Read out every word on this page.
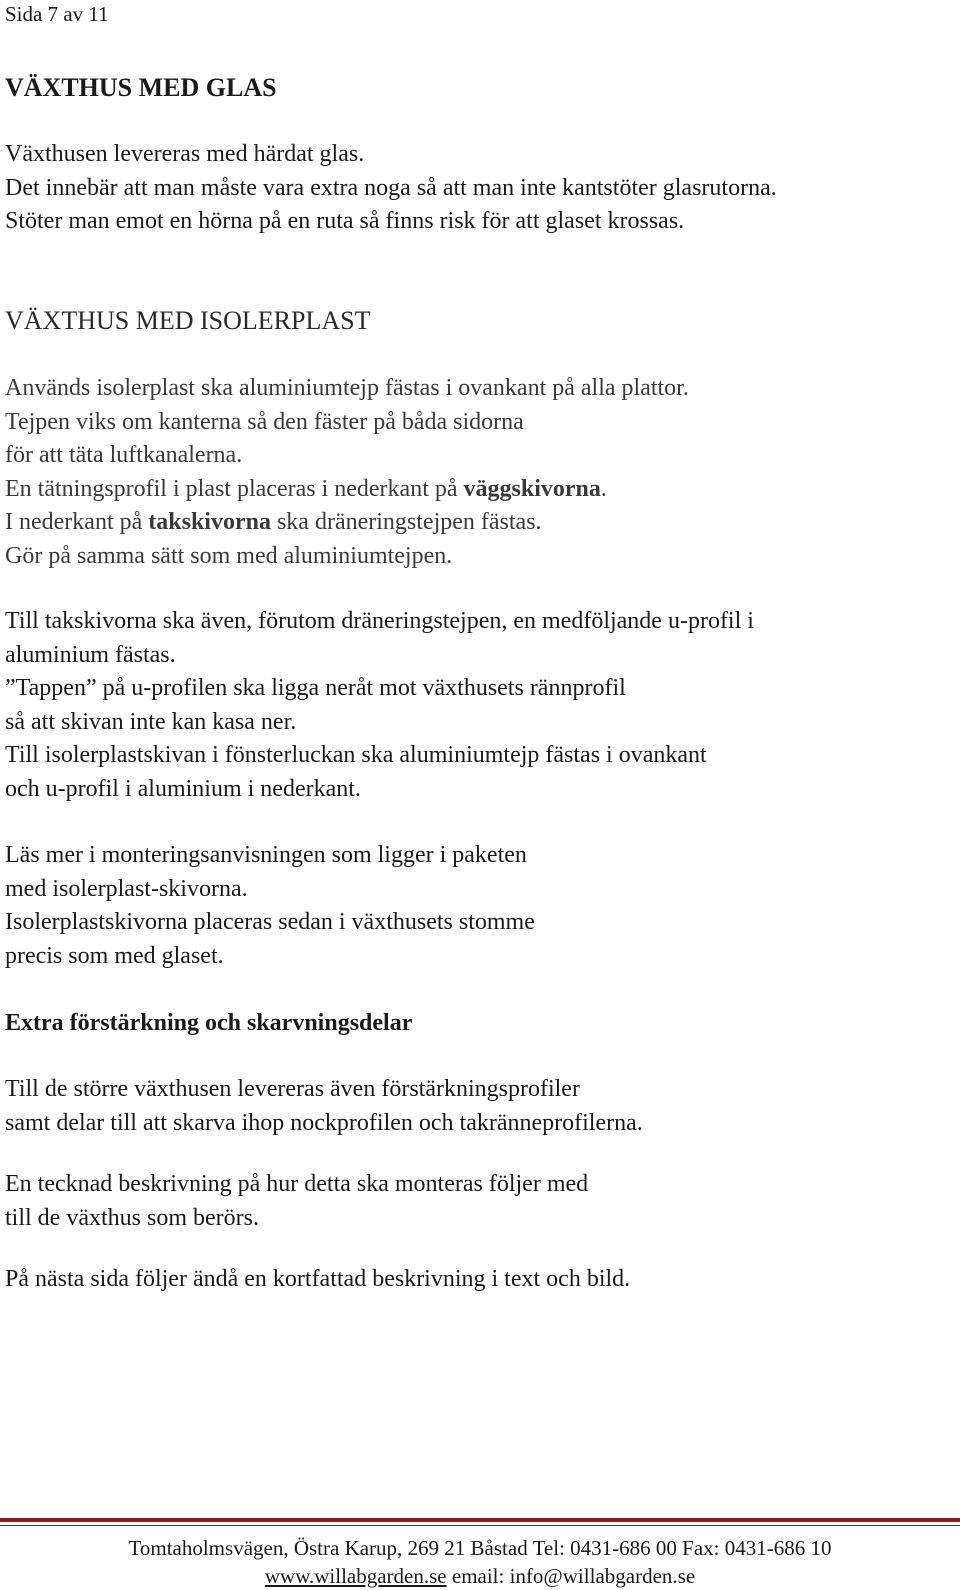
Sida 7 av 11
VÄXTHUS MED GLAS
Växthusen levereras med härdat glas.
Det innebär att man måste vara extra noga så att man inte kantstöter glasrutorna.
Stöter man emot en hörna på en ruta så finns risk för att glaset krossas.
VÄXTHUS MED ISOLERPLAST
Används isolerplast ska aluminiumtejp fästas i ovankant på alla plattor.
Tejpen viks om kanterna så den fäster på båda sidorna
för att täta luftkanalerna.
En tätningsprofil i plast placeras i nederkant på väggskivorna.
I nederkant på takskivorna ska dräneringstejpen fästas.
Gör på samma sätt som med aluminiumtejpen.
Till takskivorna ska även, förutom dräneringstejpen, en medföljande u-profil i
aluminium fästas.
”Tappen” på u-profilen ska ligga neråt mot växthusets rännprofil
så att skivan inte kan kasa ner.
Till isolerplastskivan i fönsterluckan ska aluminiumtejp fästas i ovankant
och u-profil i aluminium i nederkant.
Läs mer i monteringsanvisningen som ligger i paketen
med isolerplast-skivorna.
Isolerplastskivorna placeras sedan i växthusets stomme
precis som med glaset.
Extra förstärkning och skarvningsdelar
Till de större växthusen levereras även förstärkningsprofiler
samt delar till att skarva ihop nockprofilen och takränneprofilerna.
En tecknad beskrivning på hur detta ska monteras följer med
till de växthus som berörs.
På nästa sida följer ändå en kortfattad beskrivning i text och bild.
Tomtaholmsvägen, Östra Karup, 269 21 Båstad Tel: 0431-686 00 Fax: 0431-686 10
www.willabgarden.se email: info@willabgarden.se
